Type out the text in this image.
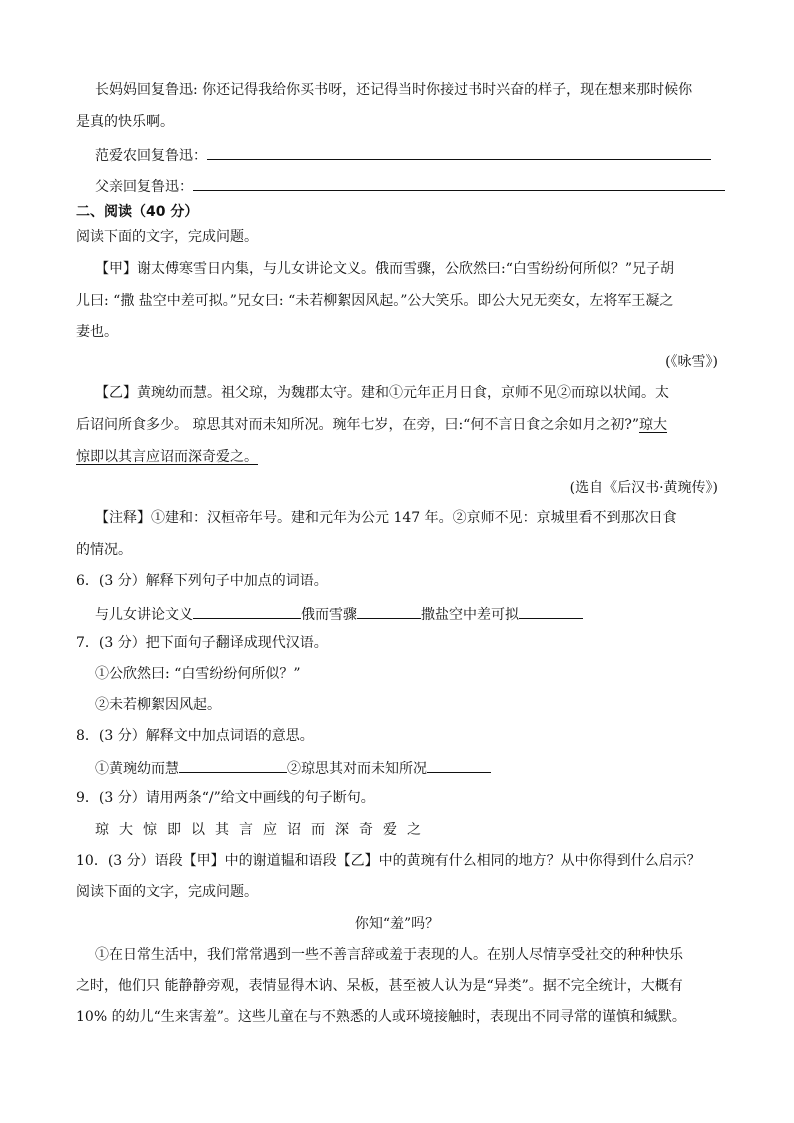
长妈妈回复鲁迅: 你还记得我给你买书呀，还记得当时你接过书时兴奋的样子，现在想来那时候你
是真的快乐啊。
范爱农回复鲁迅：
父亲回复鲁迅：
二、阅读（40 分）
阅读下面的文字，完成问题。
【甲】谢太傅寒雪日内集，与儿女讲论文义。俄而雪骤，公欣然曰:“白雪纷纷何所似？”兄子胡
儿曰: “撒 盐空中差可拟。”兄女曰: “未若柳絮因风起。”公大笑乐。即公大兄无奕女，左将军王凝之
妻也。
(《咏雪》)
【乙】黄琬幼而慧。祖父琼，为魏郡太守。建和①元年正月日食，京师不见②而琼以状闻。太
后诏问所食多少。 琼思其对而未知所况。琬年七岁，在旁，曰:“何不言日食之余如月之初?”琼大
惊即以其言应诏而深奇爱之。
(选自《后汉书·黄琬传》)
【注释】①建和：汉桓帝年号。建和元年为公元 147 年。②京师不见：京城里看不到那次日食
的情况。
6．(3 分）解释下列句子中加点的词语。
与儿女讲论文义	俄而雪骤	撒盐空中差可拟
7．(3 分）把下面句子翻译成现代汉语。
①公欣然曰: “白雪纷纷何所似？”
②未若柳絮因风起。
8．(3 分）解释文中加点词语的意思。
①黄琬幼而慧	②琼思其对而未知所况
9．(3 分）请用两条“/”给文中画线的句子断句。
琼大惊即以其言应诏而深奇爱之
10．(3 分）语段【甲】中的谢道韫和语段【乙】中的黄琬有什么相同的地方？从中你得到什么启示？
阅读下面的文字，完成问题。
你知“羞”吗？
①在日常生活中，我们常常遇到一些不善言辞或羞于表现的人。在别人尽情享受社交的种种快乐
之时，他们只 能静静旁观，表情显得木讷、呆板，甚至被人认为是“异类”。据不完全统计，大概有
10% 的幼儿“生来害羞”。这些儿童在与不熟悉的人或环境接触时，表现出不同寻常的谨慎和缄默。
